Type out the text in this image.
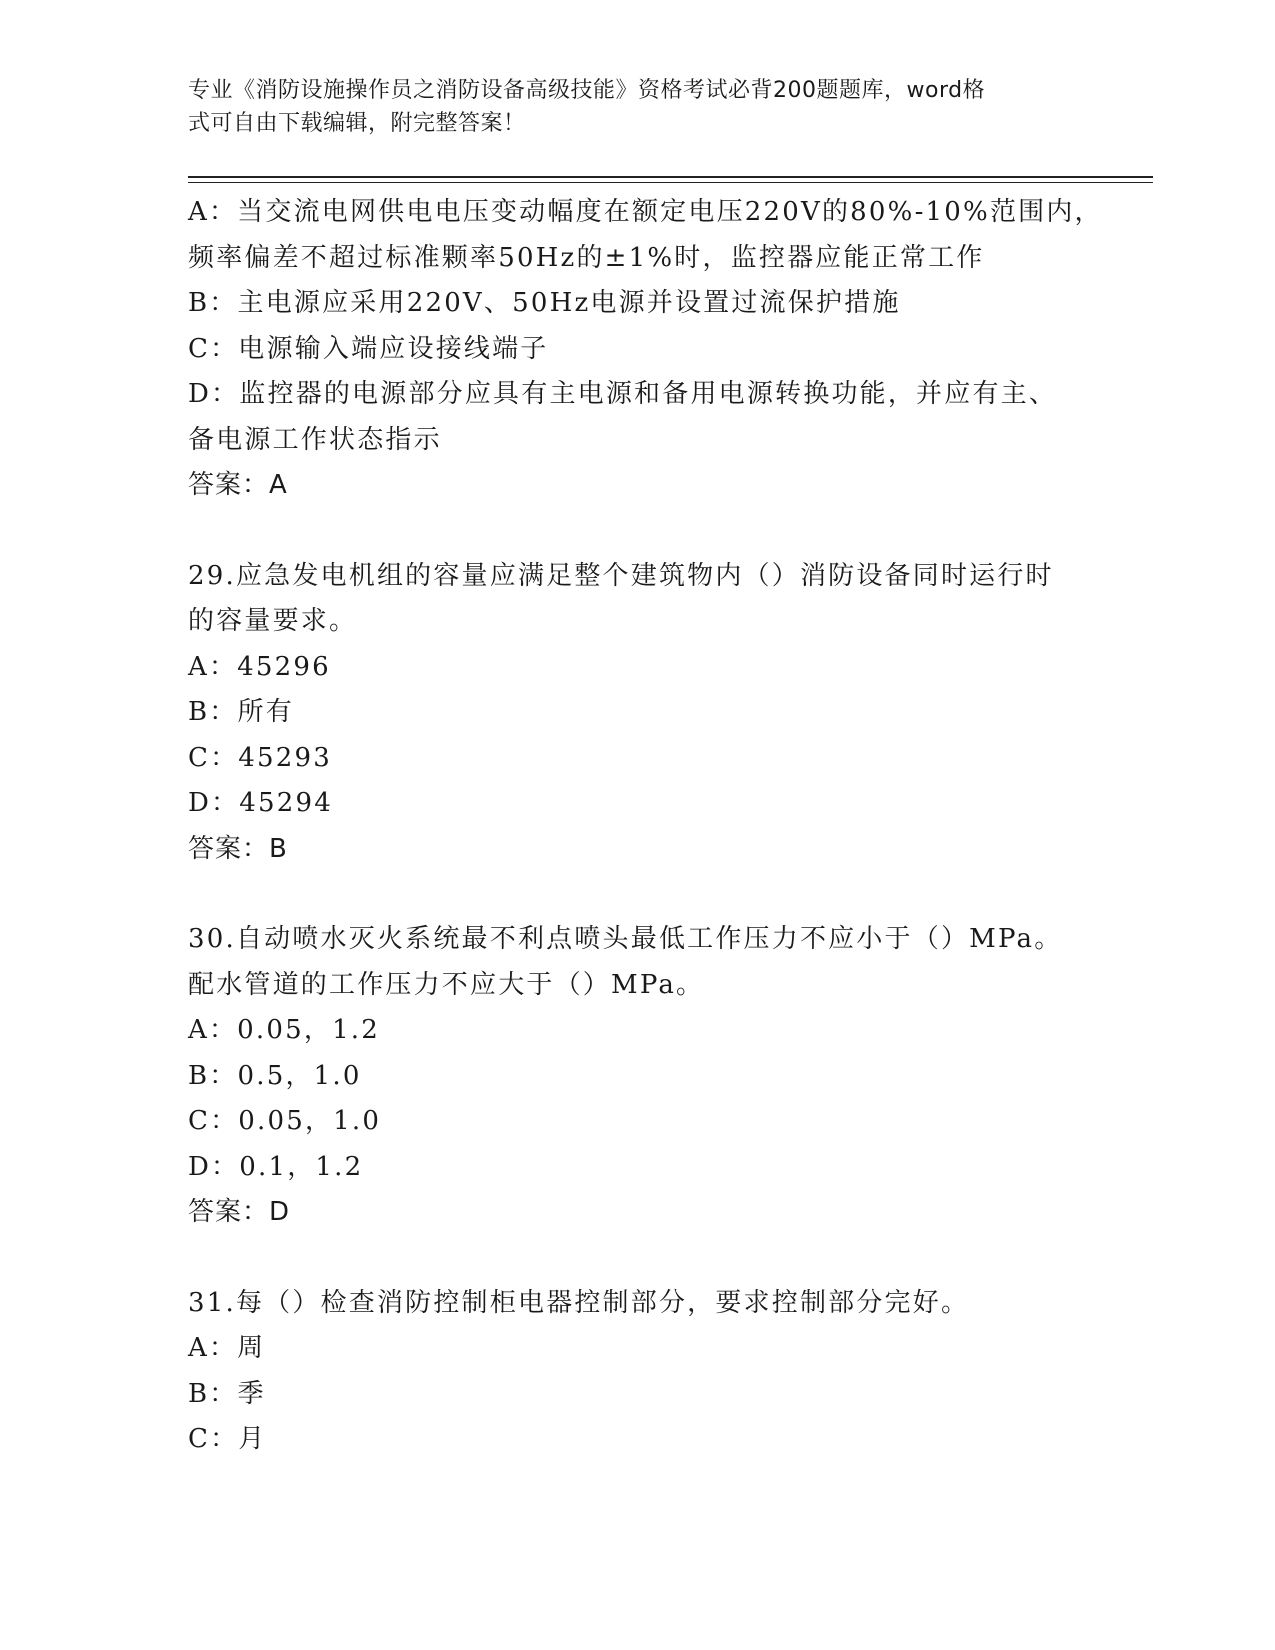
专业《消防设施操作员之消防设备高级技能》资格考试必背200题题库，word格
式可自由下载编辑，附完整答案！
A：当交流电网供电电压变动幅度在额定电压220V的80%-10%范围内，
频率偏差不超过标准颗率50Hz的±1%时，监控器应能正常工作
B：主电源应采用220V、50Hz电源并设置过流保护措施
C：电源输入端应设接线端子
D：监控器的电源部分应具有主电源和备用电源转换功能，并应有主、
备电源工作状态指示
答案：A
29.应急发电机组的容量应满足整个建筑物内（）消防设备同时运行时
的容量要求。
A：45296
B：所有
C：45293
D：45294
答案：B
30.自动喷水灭火系统最不利点喷头最低工作压力不应小于（）MPa。
配水管道的工作压力不应大于（）MPa。
A：0.05，1.2
B：0.5，1.0
C：0.05，1.0
D：0.1，1.2
答案：D
31.每（）检查消防控制柜电器控制部分，要求控制部分完好。
A：周
B：季
C：月
